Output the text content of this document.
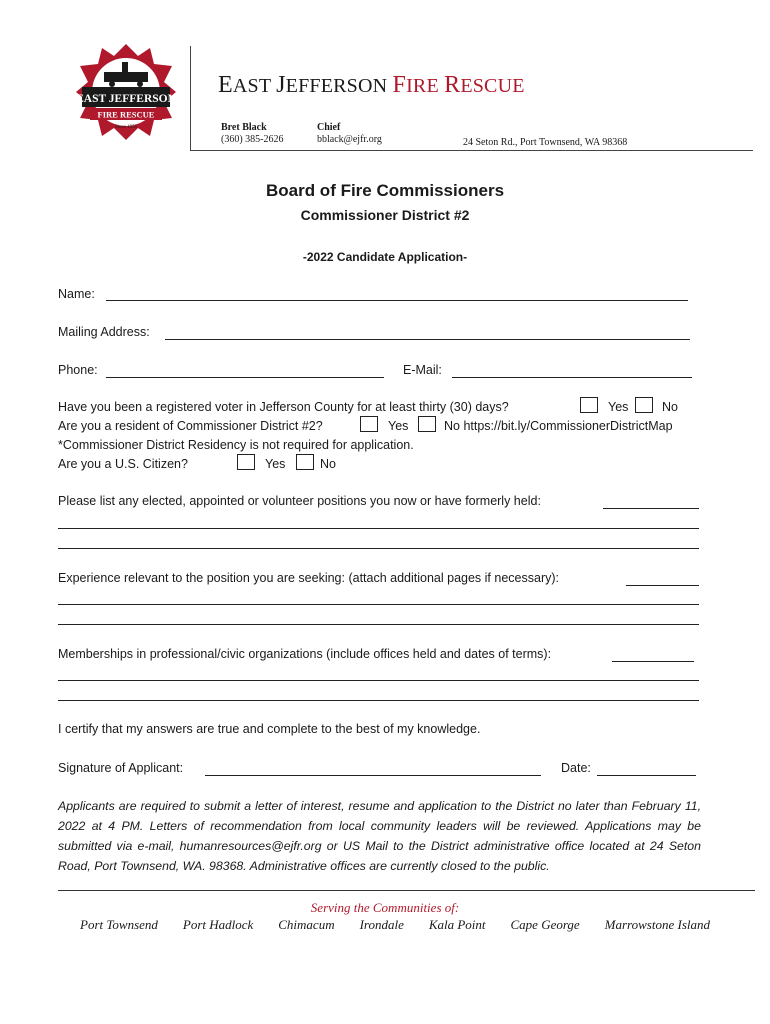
EAST JEFFERSON
FIRE RESCUE
Since 1955
EAST JEFFERSON FIRE RESCUE
Bret Black
(360) 385-2626
Chief
bblack@ejfr.org	24 Seton Rd., Port Townsend, WA 98368
Board of Fire Commissioners
Commissioner District #2
-2022 Candidate Application-
Name:
Mailing Address:
Phone:	E-Mail:
Have you been a registered voter in Jefferson County for at least thirty (30) days?	Yes	No
Are you a resident of Commissioner District #2?	Yes	No https://bit.ly/CommissionerDistrictMap
*Commissioner District Residency is not required for application.
Are you a U.S. Citizen?	Yes	No
Please list any elected, appointed or volunteer positions you now or have formerly held:
Experience relevant to the position you are seeking: (attach additional pages if necessary):
Memberships in professional/civic organizations (include offices held and dates of terms):
I certify that my answers are true and complete to the best of my knowledge.
Signature of Applicant:	Date:
Applicants are required to submit a letter of interest, resume and application to the District no later than February 11, 2022 at 4 PM. Letters of recommendation from local community leaders will be reviewed. Applications may be submitted via e-mail, humanresources@ejfr.org or US Mail to the District administrative office located at 24 Seton Road, Port Townsend, WA. 98368. Administrative offices are currently closed to the public.
Serving the Communities of:
Port Townsend Port Hadlock Chimacum Irondale Kala Point Cape George Marrowstone Island
